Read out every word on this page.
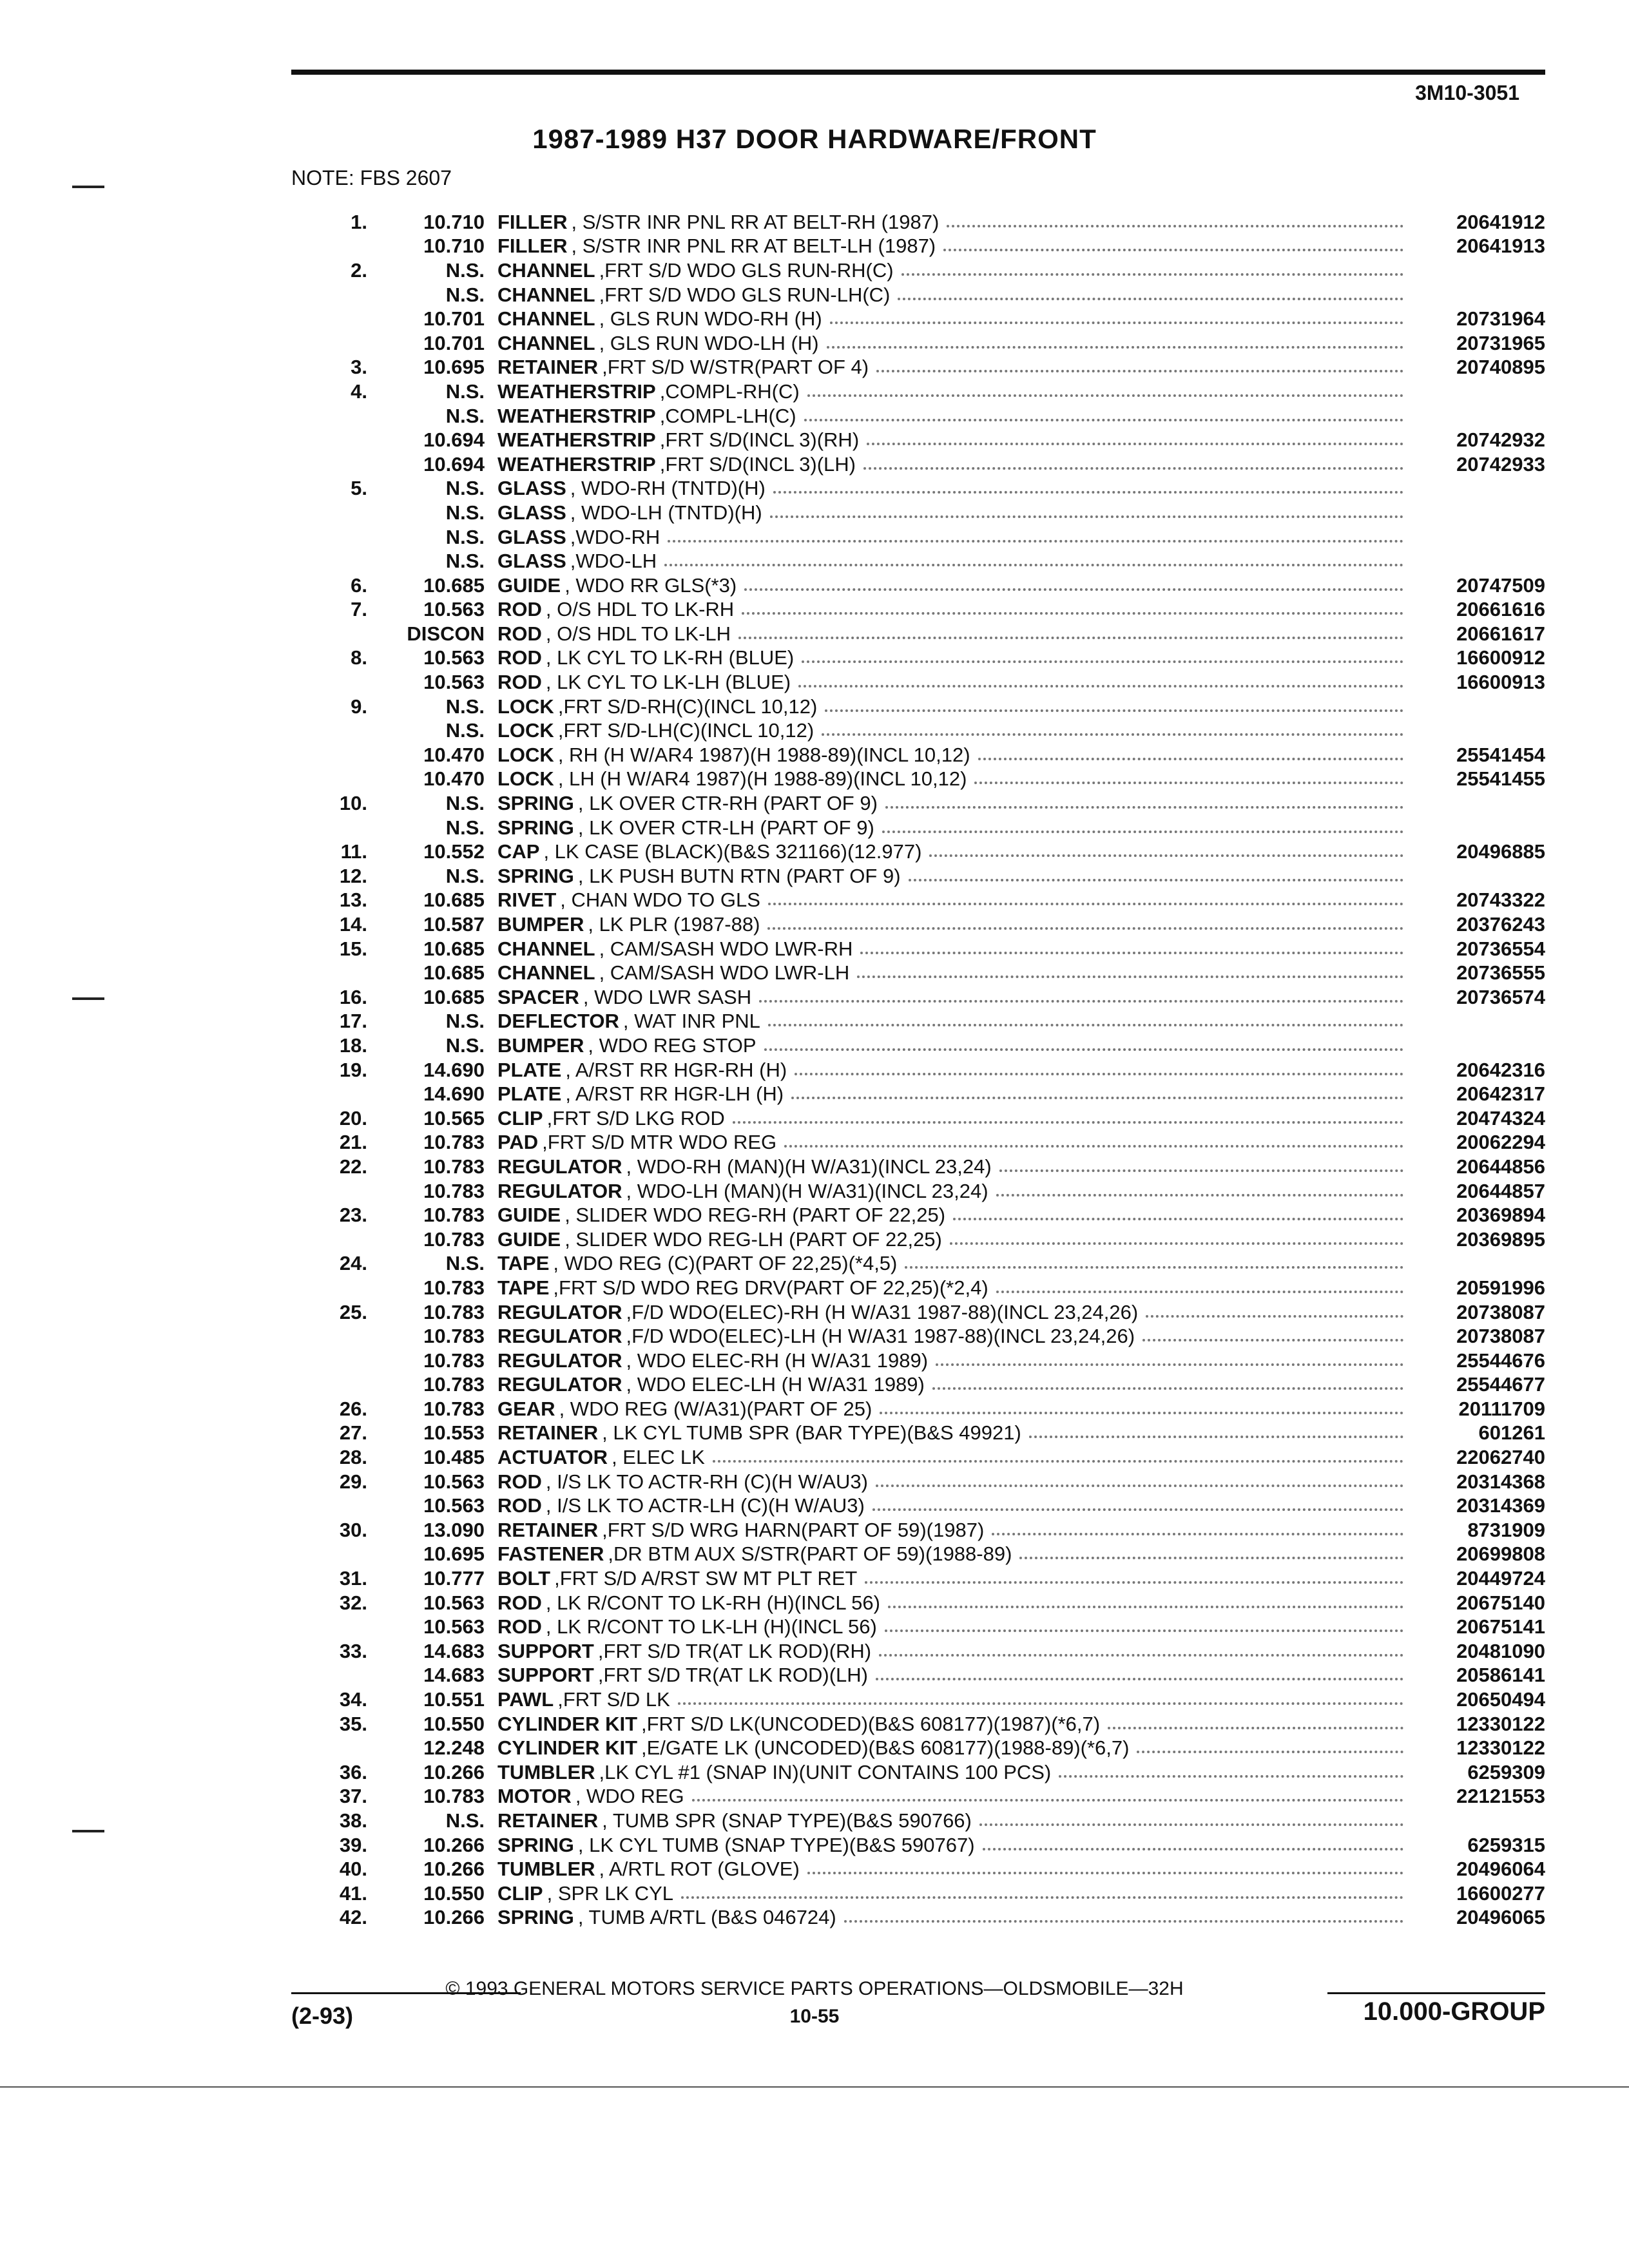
3M10-3051
1987-1989 H37 DOOR HARDWARE/FRONT
NOTE: FBS 2607
1.	10.710 FILLER , S/STR INR PNL RR AT BELT-RH (1987)	20641912
10.710 FILLER , S/STR INR PNL RR AT BELT-LH (1987)	20641913
2.	N.S. CHANNEL ,FRT S/D WDO GLS RUN-RH(C)
N.S. CHANNEL ,FRT S/D WDO GLS RUN-LH(C)
10.701 CHANNEL , GLS RUN WDO-RH (H)	20731964
10.701 CHANNEL , GLS RUN WDO-LH (H)	20731965
3.	10.695 RETAINER ,FRT S/D W/STR(PART OF 4)	20740895
4.	N.S. WEATHERSTRIP ,COMPL-RH(C)
N.S. WEATHERSTRIP ,COMPL-LH(C)
10.694 WEATHERSTRIP ,FRT S/D(INCL 3)(RH)	20742932
10.694 WEATHERSTRIP ,FRT S/D(INCL 3)(LH)	20742933
5.	N.S. GLASS , WDO-RH (TNTD)(H)
N.S. GLASS , WDO-LH (TNTD)(H)
N.S. GLASS ,WDO-RH
N.S. GLASS ,WDO-LH
6.	10.685 GUIDE , WDO RR GLS(*3)	20747509
7.	10.563 ROD , O/S HDL TO LK-RH	20661616
DISCON ROD , O/S HDL TO LK-LH	20661617
8.	10.563 ROD , LK CYL TO LK-RH (BLUE)	16600912
10.563 ROD , LK CYL TO LK-LH (BLUE)	16600913
9.	N.S. LOCK ,FRT S/D-RH(C)(INCL 10,12)
N.S. LOCK ,FRT S/D-LH(C)(INCL 10,12)
10.470 LOCK , RH (H W/AR4 1987)(H 1988-89)(INCL 10,12)	25541454
10.470 LOCK , LH (H W/AR4 1987)(H 1988-89)(INCL 10,12)	25541455
10.	N.S. SPRING , LK OVER CTR-RH (PART OF 9)
N.S. SPRING , LK OVER CTR-LH (PART OF 9)
11.	10.552 CAP , LK CASE (BLACK)(B&S 321166)(12.977)	20496885
12.	N.S. SPRING , LK PUSH BUTN RTN (PART OF 9)
13.	10.685 RIVET , CHAN WDO TO GLS	20743322
14.	10.587 BUMPER , LK PLR (1987-88)	20376243
15.	10.685 CHANNEL , CAM/SASH WDO LWR-RH	20736554
10.685 CHANNEL , CAM/SASH WDO LWR-LH	20736555
16.	10.685 SPACER , WDO LWR SASH	20736574
17.	N.S. DEFLECTOR , WAT INR PNL
18.	N.S. BUMPER , WDO REG STOP
19.	14.690 PLATE , A/RST RR HGR-RH (H)	20642316
14.690 PLATE , A/RST RR HGR-LH (H)	20642317
20.	10.565 CLIP ,FRT S/D LKG ROD	20474324
21.	10.783 PAD ,FRT S/D MTR WDO REG	20062294
22.	10.783 REGULATOR , WDO-RH (MAN)(H W/A31)(INCL 23,24)	20644856
10.783 REGULATOR , WDO-LH (MAN)(H W/A31)(INCL 23,24)	20644857
23.	10.783 GUIDE , SLIDER WDO REG-RH (PART OF 22,25)	20369894
10.783 GUIDE , SLIDER WDO REG-LH (PART OF 22,25)	20369895
24.	N.S. TAPE , WDO REG (C)(PART OF 22,25)(*4,5)
10.783 TAPE ,FRT S/D WDO REG DRV(PART OF 22,25)(*2,4)	20591996
25.	10.783 REGULATOR ,F/D WDO(ELEC)-RH (H W/A31 1987-88)(INCL 23,24,26)	20738087
10.783 REGULATOR ,F/D WDO(ELEC)-LH (H W/A31 1987-88)(INCL 23,24,26)	20738087
10.783 REGULATOR , WDO ELEC-RH (H W/A31 1989)	25544676
10.783 REGULATOR , WDO ELEC-LH (H W/A31 1989)	25544677
26.	10.783 GEAR , WDO REG (W/A31)(PART OF 25)	20111709
27.	10.553 RETAINER , LK CYL TUMB SPR (BAR TYPE)(B&S 49921)	601261
28.	10.485 ACTUATOR , ELEC LK	22062740
29.	10.563 ROD , I/S LK TO ACTR-RH (C)(H W/AU3)	20314368
10.563 ROD , I/S LK TO ACTR-LH (C)(H W/AU3)	20314369
30.	13.090 RETAINER ,FRT S/D WRG HARN(PART OF 59)(1987)	8731909
10.695 FASTENER ,DR BTM AUX S/STR(PART OF 59)(1988-89)	20699808
31.	10.777 BOLT ,FRT S/D A/RST SW MT PLT RET	20449724
32.	10.563 ROD , LK R/CONT TO LK-RH (H)(INCL 56)	20675140
10.563 ROD , LK R/CONT TO LK-LH (H)(INCL 56)	20675141
33.	14.683 SUPPORT ,FRT S/D TR(AT LK ROD)(RH)	20481090
14.683 SUPPORT ,FRT S/D TR(AT LK ROD)(LH)	20586141
34.	10.551 PAWL ,FRT S/D LK	20650494
35.	10.550 CYLINDER KIT ,FRT S/D LK(UNCODED)(B&S 608177)(1987)(*6,7)	12330122
12.248 CYLINDER KIT ,E/GATE LK (UNCODED)(B&S 608177)(1988-89)(*6,7)	12330122
36.	10.266 TUMBLER ,LK CYL #1 (SNAP IN)(UNIT CONTAINS 100 PCS)	6259309
37.	10.783 MOTOR , WDO REG	22121553
38.	N.S. RETAINER , TUMB SPR (SNAP TYPE)(B&S 590766)
39.	10.266 SPRING , LK CYL TUMB (SNAP TYPE)(B&S 590767)	6259315
40.	10.266 TUMBLER , A/RTL ROT (GLOVE)	20496064
41.	10.550 CLIP , SPR LK CYL	16600277
42.	10.266 SPRING , TUMB A/RTL (B&S 046724)	20496065
© 1993 GENERAL MOTORS SERVICE PARTS OPERATIONS—OLDSMOBILE—32H
10-55
(2-93)	10.000-GROUP
